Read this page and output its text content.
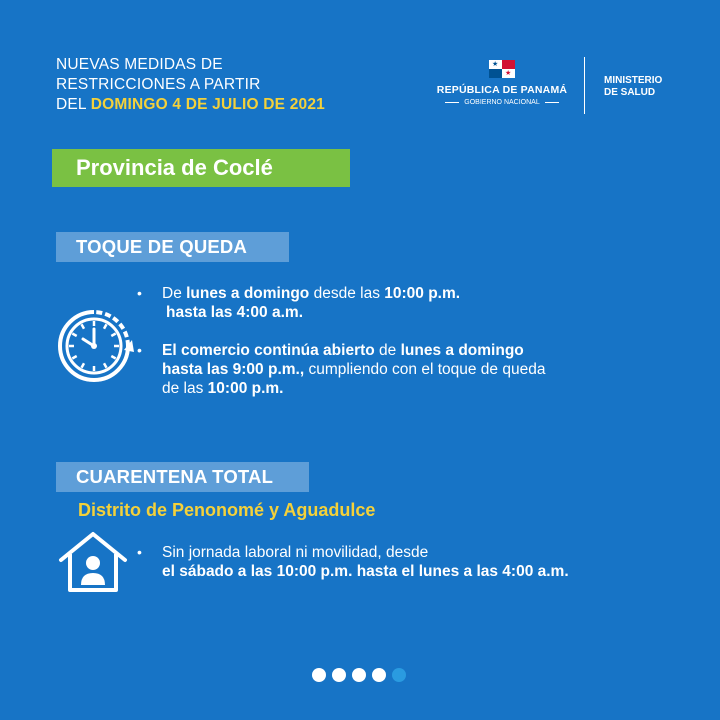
NUEVAS MEDIDAS DE
RESTRICCIONES A PARTIR
DEL DOMINGO 4 DE JULIO DE 2021
★
★
REPÚBLICA DE PANAMÁ
GOBIERNO NACIONAL
MINISTERIO
DE SALUD
Provincia de Coclé
TOQUE DE QUEDA
• De lunes a domingo desde las 10:00 p.m.
hasta las 4:00 a.m.
• El comercio continúa abierto de lunes a domingo
hasta las 9:00 p.m., cumpliendo con el toque de queda
de las 10:00 p.m.
CUARENTENA TOTAL
Distrito de Penonomé y Aguadulce
• Sin jornada laboral ni movilidad, desde
el sábado a las 10:00 p.m. hasta el lunes a las 4:00 a.m.
